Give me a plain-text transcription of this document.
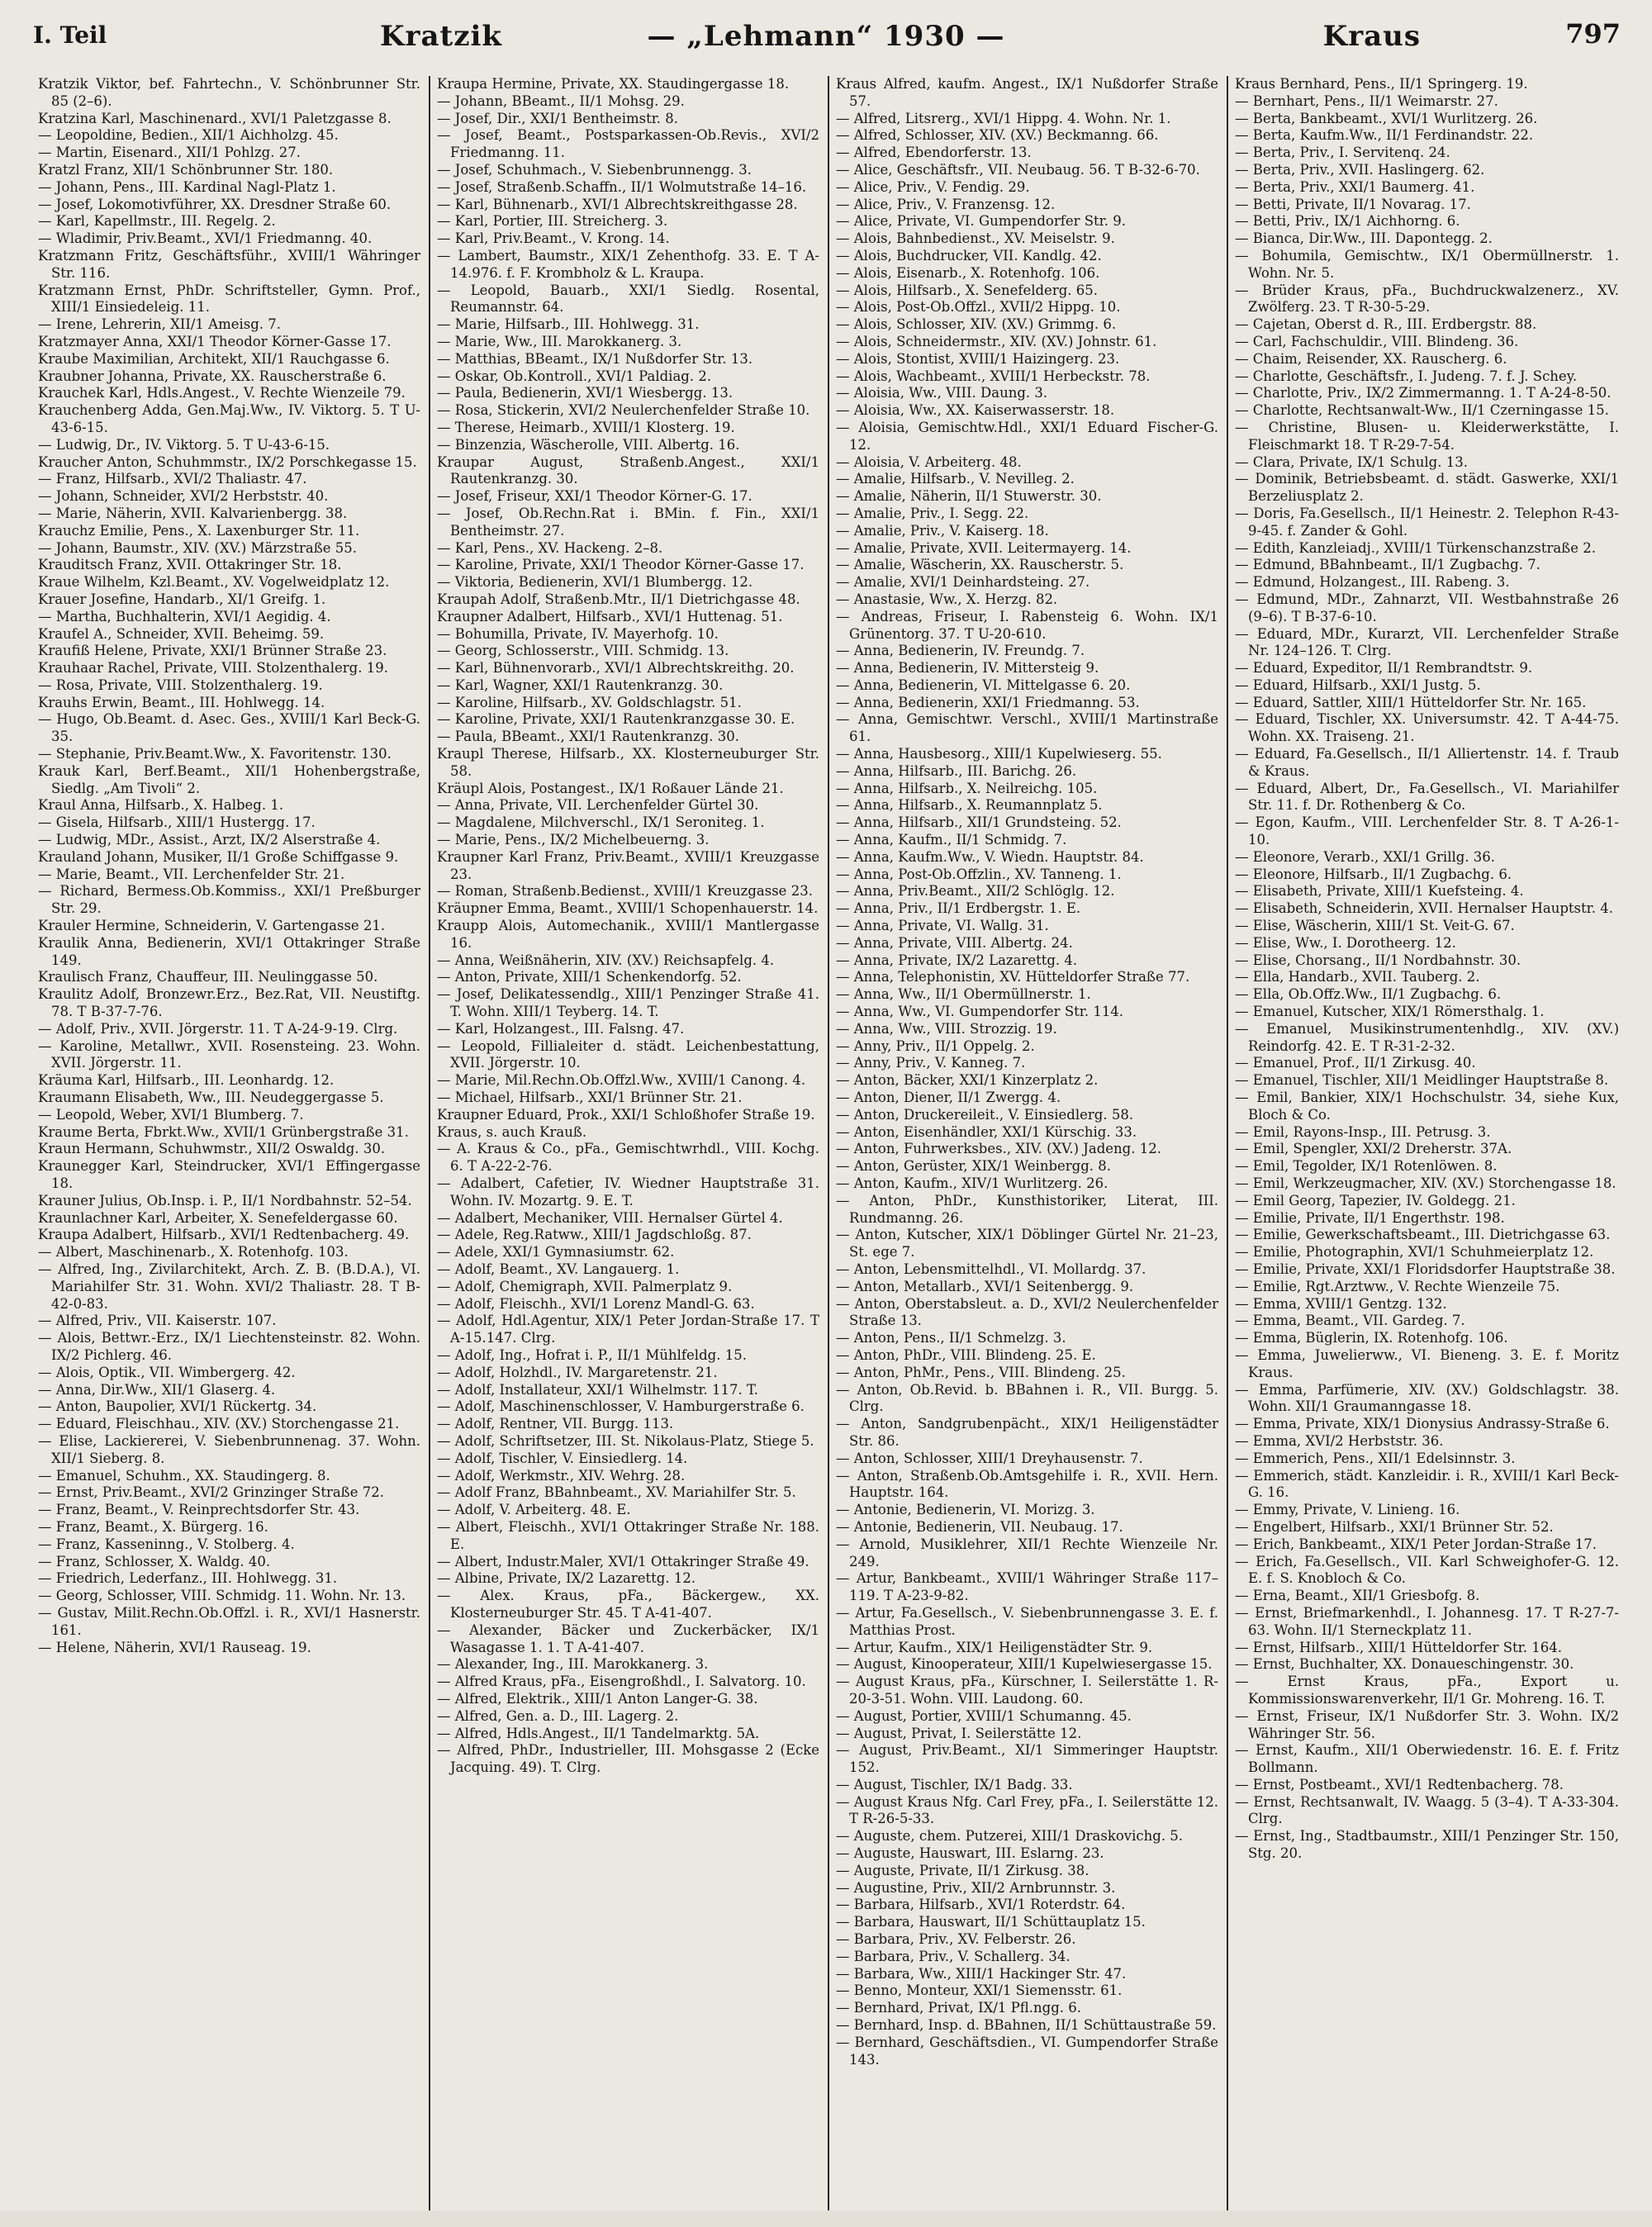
I. Teil	Kratzik	— „Lehmann“ 1930 —	Kraus	797

Kratzik Viktor, bef. Fahrtechn., V. Schönbrunner Str. 85 (2–6).

Kratzina Karl, Maschinenard., XVI/1 Paletzgasse 8.

— Leopoldine, Bedien., XII/1 Aichholzg. 45.

— Martin, Eisenard., XII/1 Pohlzg. 27.

Kratzl Franz, XII/1 Schönbrunner Str. 180.

— Johann, Pens., III. Kardinal Nagl-Platz 1.

— Josef, Lokomotivführer, XX. Dresdner Straße 60.

— Karl, Kapellmstr., III. Regelg. 2.

— Wladimir, Priv.Beamt., XVI/1 Friedmanng. 40.

Kratzmann Fritz, Geschäftsführ., XVIII/1 Währinger Str. 116.

Kratzmann Ernst, PhDr. Schriftsteller, Gymn. Prof., XIII/1 Einsiedeleig. 11.

— Irene, Lehrerin, XII/1 Ameisg. 7.

Kratzmayer Anna, XXI/1 Theodor Körner-Gasse 17.

Kraube Maximilian, Architekt, XII/1 Rauchgasse 6.

Kraubner Johanna, Private, XX. Rauscherstraße 6.

Krauchek Karl, Hdls.Angest., V. Rechte Wienzeile 79.

Krauchenberg Adda, Gen.Maj.Ww., IV. Viktorg. 5. T U-43-6-15.

— Ludwig, Dr., IV. Viktorg. 5. T U-43-6-15.

Kraucher Anton, Schuhmmstr., IX/2 Porschkegasse 15.

— Franz, Hilfsarb., XVI/2 Thaliastr. 47.

— Johann, Schneider, XVI/2 Herbststr. 40.

— Marie, Näherin, XVII. Kalvarienbergg. 38.

Krauchz Emilie, Pens., X. Laxenburger Str. 11.

— Johann, Baumstr., XIV. (XV.) Märzstraße 55.

Krauditsch Franz, XVII. Ottakringer Str. 18.

Kraue Wilhelm, Kzl.Beamt., XV. Vogelweidplatz 12.

Krauer Josefine, Handarb., XI/1 Greifg. 1.

— Martha, Buchhalterin, XVI/1 Aegidig. 4.

Kraufel A., Schneider, XVII. Beheimg. 59.

Kraufiß Helene, Private, XXI/1 Brünner Straße 23.

Krauhaar Rachel, Private, VIII. Stolzenthalerg. 19.

— Rosa, Private, VIII. Stolzenthalerg. 19.

Krauhs Erwin, Beamt., III. Hohlwegg. 14.

— Hugo, Ob.Beamt. d. Asec. Ges., XVIII/1 Karl Beck-G. 35.

— Stephanie, Priv.Beamt.Ww., X. Favoritenstr. 130.

Krauk Karl, Berf.Beamt., XII/1 Hohenbergstraße, Siedlg. „Am Tivoli“ 2.

Kraul Anna, Hilfsarb., X. Halbeg. 1.

— Gisela, Hilfsarb., XIII/1 Hustergg. 17.

— Ludwig, MDr., Assist., Arzt, IX/2 Alserstraße 4.

Krauland Johann, Musiker, II/1 Große Schiffgasse 9.

— Marie, Beamt., VII. Lerchenfelder Str. 21.

— Richard, Bermess.Ob.Kommiss., XXI/1 Preßburger Str. 29.

Krauler Hermine, Schneiderin, V. Gartengasse 21.

Kraulik Anna, Bedienerin, XVI/1 Ottakringer Straße 149.

Kraulisch Franz, Chauffeur, III. Neulinggasse 50.

Kraulitz Adolf, Bronzewr.Erz., Bez.Rat, VII. Neustiftg. 78. T B-37-7-76.

— Adolf, Priv., XVII. Jörgerstr. 11. T A-24-9-19. Clrg.

— Karoline, Metallwr., XVII. Rosensteing. 23. Wohn. XVII. Jörgerstr. 11.

Kräuma Karl, Hilfsarb., III. Leonhardg. 12.

Kraumann Elisabeth, Ww., III. Neudeggergasse 5.

— Leopold, Weber, XVI/1 Blumberg. 7.

Kraume Berta, Fbrkt.Ww., XVII/1 Grünbergstraße 31.

Kraun Hermann, Schuhwmstr., XII/2 Oswaldg. 30.

Kraunegger Karl, Steindrucker, XVI/1 Effingergasse 18.

Krauner Julius, Ob.Insp. i. P., II/1 Nordbahnstr. 52–54.

Kraunlachner Karl, Arbeiter, X. Senefeldergasse 60.

Kraupa Adalbert, Hilfsarb., XVI/1 Redtenbacherg. 49.

— Albert, Maschinenarb., X. Rotenhofg. 103.

— Alfred, Ing., Zivilarchitekt, Arch. Z. B. (B.D.A.), VI. Mariahilfer Str. 31. Wohn. XVI/2 Thaliastr. 28. T B-42-0-83.

— Alfred, Priv., VII. Kaiserstr. 107.

— Alois, Bettwr.-Erz., IX/1 Liechtensteinstr. 82. Wohn. IX/2 Pichlerg. 46.

— Alois, Optik., VII. Wimbergerg. 42.

— Anna, Dir.Ww., XII/1 Glaserg. 4.

— Anton, Baupolier, XVI/1 Rückertg. 34.

— Eduard, Fleischhau., XIV. (XV.) Storchengasse 21.

— Elise, Lackiererei, V. Siebenbrunnenag. 37. Wohn. XII/1 Sieberg. 8.

— Emanuel, Schuhm., XX. Staudingerg. 8.

— Ernst, Priv.Beamt., XVI/2 Grinzinger Straße 72.

— Franz, Beamt., V. Reinprechtsdorfer Str. 43.

— Franz, Beamt., X. Bürgerg. 16.

— Franz, Kasseninng., V. Stolberg. 4.

— Franz, Schlosser, X. Waldg. 40.

— Friedrich, Lederfanz., III. Hohlwegg. 31.

— Georg, Schlosser, VIII. Schmidg. 11. Wohn. Nr. 13.

— Gustav, Milit.Rechn.Ob.Offzl. i. R., XVI/1 Hasnerstr. 161.

— Helene, Näherin, XVI/1 Rauseag. 19.

Kraupa Hermine, Private, XX. Staudingergasse 18.

— Johann, BBeamt., II/1 Mohsg. 29.

— Josef, Dir., XXI/1 Bentheimstr. 8.

— Josef, Beamt., Postsparkassen-Ob.Revis., XVI/2 Friedmanng. 11.

— Josef, Schuhmach., V. Siebenbrunnengg. 3.

— Josef, Straßenb.Schaffn., II/1 Wolmutstraße 14–16.

— Karl, Bühnenarb., XVI/1 Albrechtskreithgasse 28.

— Karl, Portier, III. Streicherg. 3.

— Karl, Priv.Beamt., V. Krong. 14.

— Lambert, Baumstr., XIX/1 Zehenthofg. 33. E. T A-14.976. f. F. Krombholz & L. Kraupa.

— Leopold, Bauarb., XXI/1 Siedlg. Rosental, Reumannstr. 64.

— Marie, Hilfsarb., III. Hohlwegg. 31.

— Marie, Ww., III. Marokkanerg. 3.

— Matthias, BBeamt., IX/1 Nußdorfer Str. 13.

— Oskar, Ob.Kontroll., XVI/1 Paldiag. 2.

— Paula, Bedienerin, XVI/1 Wiesbergg. 13.

— Rosa, Stickerin, XVI/2 Neulerchenfelder Straße 10.

— Therese, Heimarb., XVIII/1 Klosterg. 19.

— Binzenzia, Wäscherolle, VIII. Albertg. 16.

Kraupar August, Straßenb.Angest., XXI/1 Rautenkranzg. 30.

— Josef, Friseur, XXI/1 Theodor Körner-G. 17.

— Josef, Ob.Rechn.Rat i. BMin. f. Fin., XXI/1 Bentheimstr. 27.

— Karl, Pens., XV. Hackeng. 2–8.

— Karoline, Private, XXI/1 Theodor Körner-Gasse 17.

— Viktoria, Bedienerin, XVI/1 Blumbergg. 12.

Kraupah Adolf, Straßenb.Mtr., II/1 Dietrichgasse 48.

Kraupner Adalbert, Hilfsarb., XVI/1 Huttenag. 51.

— Bohumilla, Private, IV. Mayerhofg. 10.

— Georg, Schlosserstr., VIII. Schmidg. 13.

— Karl, Bühnenvorarb., XVI/1 Albrechtskreithg. 20.

— Karl, Wagner, XXI/1 Rautenkranzg. 30.

— Karoline, Hilfsarb., XV. Goldschlagstr. 51.

— Karoline, Private, XXI/1 Rautenkranzgasse 30. E.

— Paula, BBeamt., XXI/1 Rautenkranzg. 30.

Kraupl Therese, Hilfsarb., XX. Klosterneuburger Str. 58.

Kräupl Alois, Postangest., IX/1 Roßauer Lände 21.

— Anna, Private, VII. Lerchenfelder Gürtel 30.

— Magdalene, Milchverschl., IX/1 Seroniteg. 1.

— Marie, Pens., IX/2 Michelbeuerng. 3.

Kraupner Karl Franz, Priv.Beamt., XVIII/1 Kreuzgasse 23.

— Roman, Straßenb.Bedienst., XVIII/1 Kreuzgasse 23.

Kräupner Emma, Beamt., XVIII/1 Schopenhauerstr. 14.

Kraupp Alois, Automechanik., XVIII/1 Mantlergasse 16.

— Anna, Weißnäherin, XIV. (XV.) Reichsapfelg. 4.

— Anton, Private, XIII/1 Schenkendorfg. 52.

— Josef, Delikatessendlg., XIII/1 Penzinger Straße 41. T. Wohn. XIII/1 Teyberg. 14. T.

— Karl, Holzangest., III. Falsng. 47.

— Leopold, Fillialeiter d. städt. Leichenbestattung, XVII. Jörgerstr. 10.

— Marie, Mil.Rechn.Ob.Offzl.Ww., XVIII/1 Canong. 4.

— Michael, Hilfsarb., XXI/1 Brünner Str. 21.

Kraupner Eduard, Prok., XXI/1 Schloßhofer Straße 19.

Kraus, s. auch Krauß.

— A. Kraus & Co., pFa., Gemischtwrhdl., VIII. Kochg. 6. T A-22-2-76.

— Adalbert, Cafetier, IV. Wiedner Hauptstraße 31. Wohn. IV. Mozartg. 9. E. T.

— Adalbert, Mechaniker, VIII. Hernalser Gürtel 4.

— Adele, Reg.Ratww., XIII/1 Jagdschloßg. 87.

— Adele, XXI/1 Gymnasiumstr. 62.

— Adolf, Beamt., XV. Langauerg. 1.

— Adolf, Chemigraph, XVII. Palmerplatz 9.

— Adolf, Fleischh., XVI/1 Lorenz Mandl-G. 63.

— Adolf, Hdl.Agentur, XIX/1 Peter Jordan-Straße 17. T A-15.147. Clrg.

— Adolf, Ing., Hofrat i. P., II/1 Mühlfeldg. 15.

— Adolf, Holzhdl., IV. Margaretenstr. 21.

— Adolf, Installateur, XXI/1 Wilhelmstr. 117. T.

— Adolf, Maschinenschlosser, V. Hamburgerstraße 6.

— Adolf, Rentner, VII. Burgg. 113.

— Adolf, Schriftsetzer, III. St. Nikolaus-Platz, Stiege 5.

— Adolf, Tischler, V. Einsiedlerg. 14.

— Adolf, Werkmstr., XIV. Wehrg. 28.

— Adolf Franz, BBahnbeamt., XV. Mariahilfer Str. 5.

— Adolf, V. Arbeiterg. 48. E.

— Albert, Fleischh., XVI/1 Ottakringer Straße Nr. 188. E.

— Albert, Industr.Maler, XVI/1 Ottakringer Straße 49.

— Albine, Private, IX/2 Lazarettg. 12.

— Alex. Kraus, pFa., Bäckergew., XX. Klosterneuburger Str. 45. T A-41-407.

— Alexander, Bäcker und Zuckerbäcker, IX/1 Wasagasse 1. 1. T A-41-407.

— Alexander, Ing., III. Marokkanerg. 3.

— Alfred Kraus, pFa., Eisengroßhdl., I. Salvatorg. 10.

— Alfred, Elektrik., XIII/1 Anton Langer-G. 38.

— Alfred, Gen. a. D., III. Lagerg. 2.

— Alfred, Hdls.Angest., II/1 Tandelmarktg. 5A.

— Alfred, PhDr., Industrieller, III. Mohsgasse 2 (Ecke Jacquing. 49). T. Clrg.

Kraus Alfred, kaufm. Angest., IX/1 Nußdorfer Straße 57.

— Alfred, Litsrerg., XVI/1 Hippg. 4. Wohn. Nr. 1.

— Alfred, Schlosser, XIV. (XV.) Beckmanng. 66.

— Alfred, Ebendorferstr. 13.

— Alice, Geschäftsfr., VII. Neubaug. 56. T B-32-6-70.

— Alice, Priv., V. Fendig. 29.

— Alice, Priv., V. Franzensg. 12.

— Alice, Private, VI. Gumpendorfer Str. 9.

— Alois, Bahnbedienst., XV. Meiselstr. 9.

— Alois, Buchdrucker, VII. Kandlg. 42.

— Alois, Eisenarb., X. Rotenhofg. 106.

— Alois, Hilfsarb., X. Senefelderg. 65.

— Alois, Post-Ob.Offzl., XVII/2 Hippg. 10.

— Alois, Schlosser, XIV. (XV.) Grimmg. 6.

— Alois, Schneidermstr., XIV. (XV.) Johnstr. 61.

— Alois, Stontist, XVIII/1 Haizingerg. 23.

— Alois, Wachbeamt., XVIII/1 Herbeckstr. 78.

— Aloisia, Ww., VIII. Daung. 3.

— Aloisia, Ww., XX. Kaiserwasserstr. 18.

— Aloisia, Gemischtw.Hdl., XXI/1 Eduard Fischer-G. 12.

— Aloisia, V. Arbeiterg. 48.

— Amalie, Hilfsarb., V. Nevilleg. 2.

— Amalie, Näherin, II/1 Stuwerstr. 30.

— Amalie, Priv., I. Segg. 22.

— Amalie, Priv., V. Kaiserg. 18.

— Amalie, Private, XVII. Leitermayerg. 14.

— Amalie, Wäscherin, XX. Rauscherstr. 5.

— Amalie, XVI/1 Deinhardsteing. 27.

— Anastasie, Ww., X. Herzg. 82.

— Andreas, Friseur, I. Rabensteig 6. Wohn. IX/1 Grünentorg. 37. T U-20-610.

— Anna, Bedienerin, IV. Freundg. 7.

— Anna, Bedienerin, IV. Mittersteig 9.

— Anna, Bedienerin, VI. Mittelgasse 6. 20.

— Anna, Bedienerin, XXI/1 Friedmanng. 53.

— Anna, Gemischtwr. Verschl., XVIII/1 Martinstraße 61.

— Anna, Hausbesorg., XIII/1 Kupelwieserg. 55.

— Anna, Hilfsarb., III. Barichg. 26.

— Anna, Hilfsarb., X. Neilreichg. 105.

— Anna, Hilfsarb., X. Reumannplatz 5.

— Anna, Hilfsarb., XII/1 Grundsteing. 52.

— Anna, Kaufm., II/1 Schmidg. 7.

— Anna, Kaufm.Ww., V. Wiedn. Hauptstr. 84.

— Anna, Post-Ob.Offzlin., XV. Tanneng. 1.

— Anna, Priv.Beamt., XII/2 Schlöglg. 12.

— Anna, Priv., II/1 Erdbergstr. 1. E.

— Anna, Private, VI. Wallg. 31.

— Anna, Private, VIII. Albertg. 24.

— Anna, Private, IX/2 Lazarettg. 4.

— Anna, Telephonistin, XV. Hütteldorfer Straße 77.

— Anna, Ww., II/1 Obermüllnerstr. 1.

— Anna, Ww., VI. Gumpendorfer Str. 114.

— Anna, Ww., VIII. Strozzig. 19.

— Anny, Priv., II/1 Oppelg. 2.

— Anny, Priv., V. Kanneg. 7.

— Anton, Bäcker, XXI/1 Kinzerplatz 2.

— Anton, Diener, II/1 Zwergg. 4.

— Anton, Druckereileit., V. Einsiedlerg. 58.

— Anton, Eisenhändler, XXI/1 Kürschig. 33.

— Anton, Fuhrwerksbes., XIV. (XV.) Jadeng. 12.

— Anton, Gerüster, XIX/1 Weinbergg. 8.

— Anton, Kaufm., XIV/1 Wurlitzerg. 26.

— Anton, PhDr., Kunsthistoriker, Literat, III. Rundmanng. 26.

— Anton, Kutscher, XIX/1 Döblinger Gürtel Nr. 21–23, St. ege 7.

— Anton, Lebensmittelhdl., VI. Mollardg. 37.

— Anton, Metallarb., XVI/1 Seitenbergg. 9.

— Anton, Oberstabsleut. a. D., XVI/2 Neulerchenfelder Straße 13.

— Anton, Pens., II/1 Schmelzg. 3.

— Anton, PhDr., VIII. Blindeng. 25. E.

— Anton, PhMr., Pens., VIII. Blindeng. 25.

— Anton, Ob.Revid. b. BBahnen i. R., VII. Burgg. 5. Clrg.

— Anton, Sandgrubenpächt., XIX/1 Heiligenstädter Str. 86.

— Anton, Schlosser, XIII/1 Dreyhausenstr. 7.

— Anton, Straßenb.Ob.Amtsgehilfe i. R., XVII. Hern. Hauptstr. 164.

— Antonie, Bedienerin, VI. Morizg. 3.

— Antonie, Bedienerin, VII. Neubaug. 17.

— Arnold, Musiklehrer, XII/1 Rechte Wienzeile Nr. 249.

— Artur, Bankbeamt., XVIII/1 Währinger Straße 117–119. T A-23-9-82.

— Artur, Fa.Gesellsch., V. Siebenbrunnengasse 3. E. f. Matthias Prost.

— Artur, Kaufm., XIX/1 Heiligenstädter Str. 9.

— August, Kinooperateur, XIII/1 Kupelwiesergasse 15.

— August Kraus, pFa., Kürschner, I. Seilerstätte 1. R-20-3-51. Wohn. VIII. Laudong. 60.

— August, Portier, XVIII/1 Schumanng. 45.

— August, Privat, I. Seilerstätte 12.

— August, Priv.Beamt., XI/1 Simmeringer Hauptstr. 152.

— August, Tischler, IX/1 Badg. 33.

— August Kraus Nfg. Carl Frey, pFa., I. Seilerstätte 12. T R-26-5-33.

— Auguste, chem. Putzerei, XIII/1 Draskovichg. 5.

— Auguste, Hauswart, III. Eslarng. 23.

— Auguste, Private, II/1 Zirkusg. 38.

— Augustine, Priv., XII/2 Arnbrunnstr. 3.

— Barbara, Hilfsarb., XVI/1 Roterdstr. 64.

— Barbara, Hauswart, II/1 Schüttauplatz 15.

— Barbara, Priv., XV. Felberstr. 26.

— Barbara, Priv., V. Schallerg. 34.

— Barbara, Ww., XIII/1 Hackinger Str. 47.

— Benno, Monteur, XXI/1 Siemensstr. 61.

— Bernhard, Privat, IX/1 Pfl.ngg. 6.

— Bernhard, Insp. d. BBahnen, II/1 Schüttaustraße 59.

— Bernhard, Geschäftsdien., VI. Gumpendorfer Straße 143.

Kraus Bernhard, Pens., II/1 Springerg. 19.

— Bernhart, Pens., II/1 Weimarstr. 27.

— Berta, Bankbeamt., XVI/1 Wurlitzerg. 26.

— Berta, Kaufm.Ww., II/1 Ferdinandstr. 22.

— Berta, Priv., I. Servitenq. 24.

— Berta, Priv., XVII. Haslingerg. 62.

— Berta, Priv., XXI/1 Baumerg. 41.

— Betti, Private, II/1 Novarag. 17.

— Betti, Priv., IX/1 Aichhorng. 6.

— Bianca, Dir.Ww., III. Dapontegg. 2.

— Bohumila, Gemischtw., IX/1 Obermüllnerstr. 1. Wohn. Nr. 5.

— Brüder Kraus, pFa., Buchdruckwalzenerz., XV. Zwölferg. 23. T R-30-5-29.

— Cajetan, Oberst d. R., III. Erdbergstr. 88.

— Carl, Fachschuldir., VIII. Blindeng. 36.

— Chaim, Reisender, XX. Rauscherg. 6.

— Charlotte, Geschäftsfr., I. Judeng. 7. f. J. Schey.

— Charlotte, Priv., IX/2 Zimmermanng. 1. T A-24-8-50.

— Charlotte, Rechtsanwalt-Ww., II/1 Czerningasse 15.

— Christine, Blusen- u. Kleiderwerkstätte, I. Fleischmarkt 18. T R-29-7-54.

— Clara, Private, IX/1 Schulg. 13.

— Dominik, Betriebsbeamt. d. städt. Gaswerke, XXI/1 Berzeliusplatz 2.

— Doris, Fa.Gesellsch., II/1 Heinestr. 2. Telephon R-43-9-45. f. Zander & Gohl.

— Edith, Kanzleiadj., XVIII/1 Türkenschanzstraße 2.

— Edmund, BBahnbeamt., II/1 Zugbachg. 7.

— Edmund, Holzangest., III. Rabeng. 3.

— Edmund, MDr., Zahnarzt, VII. Westbahnstraße 26 (9–6). T B-37-6-10.

— Eduard, MDr., Kurarzt, VII. Lerchenfelder Straße Nr. 124–126. T. Clrg.

— Eduard, Expeditor, II/1 Rembrandtstr. 9.

— Eduard, Hilfsarb., XXI/1 Justg. 5.

— Eduard, Sattler, XIII/1 Hütteldorfer Str. Nr. 165.

— Eduard, Tischler, XX. Universumstr. 42. T A-44-75. Wohn. XX. Traiseng. 21.

— Eduard, Fa.Gesellsch., II/1 Alliertenstr. 14. f. Traub & Kraus.

— Eduard, Albert, Dr., Fa.Gesellsch., VI. Mariahilfer Str. 11. f. Dr. Rothenberg & Co.

— Egon, Kaufm., VIII. Lerchenfelder Str. 8. T A-26-1-10.

— Eleonore, Verarb., XXI/1 Grillg. 36.

— Eleonore, Hilfsarb., II/1 Zugbachg. 6.

— Elisabeth, Private, XIII/1 Kuefsteing. 4.

— Elisabeth, Schneiderin, XVII. Hernalser Hauptstr. 4.

— Elise, Wäscherin, XIII/1 St. Veit-G. 67.

— Elise, Ww., I. Dorotheerg. 12.

— Elise, Chorsang., II/1 Nordbahnstr. 30.

— Ella, Handarb., XVII. Tauberg. 2.

— Ella, Ob.Offz.Ww., II/1 Zugbachg. 6.

— Emanuel, Kutscher, XIX/1 Römersthalg. 1.

— Emanuel, Musikinstrumentenhdlg., XIV. (XV.) Reindorfg. 42. E. T R-31-2-32.

— Emanuel, Prof., II/1 Zirkusg. 40.

— Emanuel, Tischler, XII/1 Meidlinger Hauptstraße 8.

— Emil, Bankier, XIX/1 Hochschulstr. 34, siehe Kux, Bloch & Co.

— Emil, Rayons-Insp., III. Petrusg. 3.

— Emil, Spengler, XXI/2 Dreherstr. 37A.

— Emil, Tegolder, IX/1 Rotenlöwen. 8.

— Emil, Werkzeugmacher, XIV. (XV.) Storchengasse 18.

— Emil Georg, Tapezier, IV. Goldegg. 21.

— Emilie, Private, II/1 Engerthstr. 198.

— Emilie, Gewerkschaftsbeamt., III. Dietrichgasse 63.

— Emilie, Photographin, XVI/1 Schuhmeierplatz 12.

— Emilie, Private, XXI/1 Floridsdorfer Hauptstraße 38.

— Emilie, Rgt.Arztww., V. Rechte Wienzeile 75.

— Emma, XVIII/1 Gentzg. 132.

— Emma, Beamt., VII. Gardeg. 7.

— Emma, Büglerin, IX. Rotenhofg. 106.

— Emma, Juwelierww., VI. Bieneng. 3. E. f. Moritz Kraus.

— Emma, Parfümerie, XIV. (XV.) Goldschlagstr. 38. Wohn. XII/1 Graumanngasse 18.

— Emma, Private, XIX/1 Dionysius Andrassy-Straße 6.

— Emma, XVI/2 Herbststr. 36.

— Emmerich, Pens., XII/1 Edelsinnstr. 3.

— Emmerich, städt. Kanzleidir. i. R., XVIII/1 Karl Beck-G. 16.

— Emmy, Private, V. Linieng. 16.

— Engelbert, Hilfsarb., XXI/1 Brünner Str. 52.

— Erich, Bankbeamt., XIX/1 Peter Jordan-Straße 17.

— Erich, Fa.Gesellsch., VII. Karl Schweighofer-G. 12. E. f. S. Knobloch & Co.

— Erna, Beamt., XII/1 Griesbofg. 8.

— Ernst, Briefmarkenhdl., I. Johannesg. 17. T R-27-7-63. Wohn. II/1 Sterneckplatz 11.

— Ernst, Hilfsarb., XIII/1 Hütteldorfer Str. 164.

— Ernst, Buchhalter, XX. Donaueschingenstr. 30.

— Ernst Kraus, pFa., Export u. Kommissionswarenverkehr, II/1 Gr. Mohreng. 16. T.

— Ernst, Friseur, IX/1 Nußdorfer Str. 3. Wohn. IX/2 Währinger Str. 56.

— Ernst, Kaufm., XII/1 Oberwiedenstr. 16. E. f. Fritz Bollmann.

— Ernst, Postbeamt., XVI/1 Redtenbacherg. 78.

— Ernst, Rechtsanwalt, IV. Waagg. 5 (3–4). T A-33-304. Clrg.

— Ernst, Ing., Stadtbaumstr., XIII/1 Penzinger Str. 150, Stg. 20.
